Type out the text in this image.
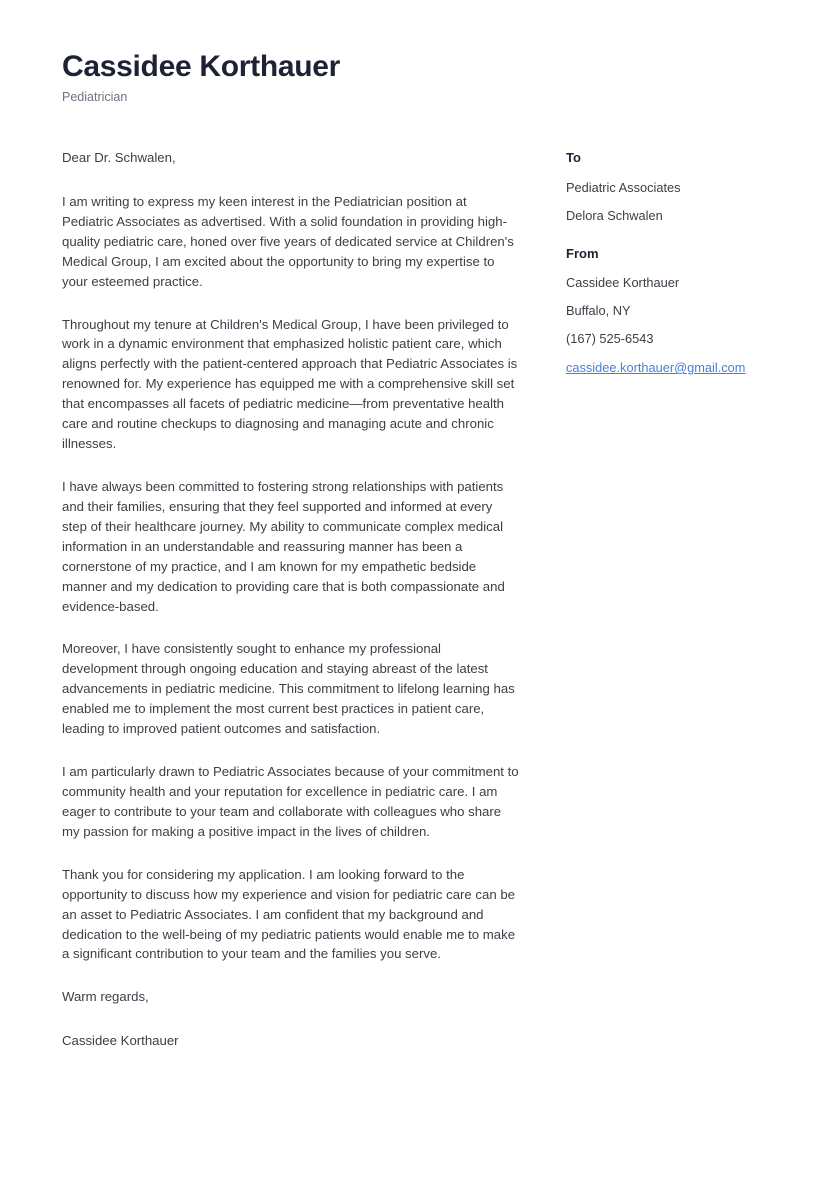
Cassidee Korthauer
Pediatrician

Dear Dr. Schwalen,

I am writing to express my keen interest in the Pediatrician position at Pediatric Associates as advertised. With a solid foundation in providing high-quality pediatric care, honed over five years of dedicated service at Children's Medical Group, I am excited about the opportunity to bring my expertise to your esteemed practice.

Throughout my tenure at Children's Medical Group, I have been privileged to work in a dynamic environment that emphasized holistic patient care, which aligns perfectly with the patient-centered approach that Pediatric Associates is renowned for. My experience has equipped me with a comprehensive skill set that encompasses all facets of pediatric medicine—from preventative health care and routine checkups to diagnosing and managing acute and chronic illnesses.

I have always been committed to fostering strong relationships with patients and their families, ensuring that they feel supported and informed at every step of their healthcare journey. My ability to communicate complex medical information in an understandable and reassuring manner has been a cornerstone of my practice, and I am known for my empathetic bedside manner and my dedication to providing care that is both compassionate and evidence-based.

Moreover, I have consistently sought to enhance my professional development through ongoing education and staying abreast of the latest advancements in pediatric medicine. This commitment to lifelong learning has enabled me to implement the most current best practices in patient care, leading to improved patient outcomes and satisfaction.

I am particularly drawn to Pediatric Associates because of your commitment to community health and your reputation for excellence in pediatric care. I am eager to contribute to your team and collaborate with colleagues who share my passion for making a positive impact in the lives of children.

Thank you for considering my application. I am looking forward to the opportunity to discuss how my experience and vision for pediatric care can be an asset to Pediatric Associates. I am confident that my background and dedication to the well-being of my pediatric patients would enable me to make a significant contribution to your team and the families you serve.

Warm regards,

Cassidee Korthauer

To
Pediatric Associates
Delora Schwalen
From
Cassidee Korthauer
Buffalo, NY
(167) 525-6543
cassidee.korthauer@gmail.com
